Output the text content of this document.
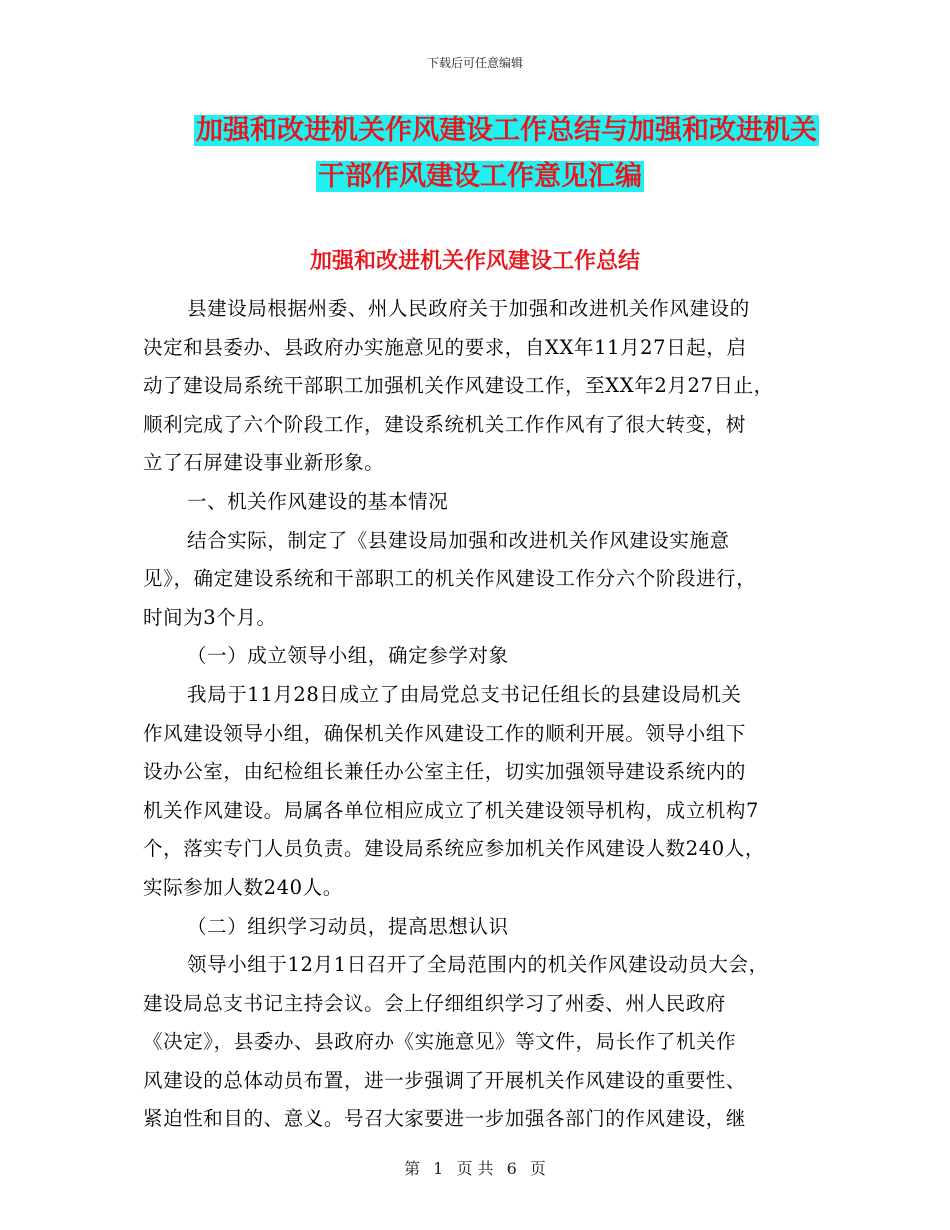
下载后可任意编辑
加强和改进机关作风建设工作总结与加强和改进机关
干部作风建设工作意见汇编
加强和改进机关作风建设工作总结
县建设局根据州委、州人民政府关于加强和改进机关作风建设的
决定和县委办、县政府办实施意见的要求，自XX年11月27日起，启
动了建设局系统干部职工加强机关作风建设工作，至XX年2月27日止，
顺利完成了六个阶段工作，建设系统机关工作作风有了很大转变，树
立了石屏建设事业新形象。
一、机关作风建设的基本情况
结合实际，制定了《县建设局加强和改进机关作风建设实施意
见》，确定建设系统和干部职工的机关作风建设工作分六个阶段进行，
时间为3个月。
（一）成立领导小组，确定参学对象
我局于11月28日成立了由局党总支书记任组长的县建设局机关
作风建设领导小组，确保机关作风建设工作的顺利开展。领导小组下
设办公室，由纪检组长兼任办公室主任，切实加强领导建设系统内的
机关作风建设。局属各单位相应成立了机关建设领导机构，成立机构7
个，落实专门人员负责。建设局系统应参加机关作风建设人数240人，
实际参加人数240人。
（二）组织学习动员，提高思想认识
领导小组于12月1日召开了全局范围内的机关作风建设动员大会，
建设局总支书记主持会议。会上仔细组织学习了州委、州人民政府
《决定》，县委办、县政府办《实施意见》等文件，局长作了机关作
风建设的总体动员布置，进一步强调了开展机关作风建设的重要性、
紧迫性和目的、意义。号召大家要进一步加强各部门的作风建设，继
第 1 页 共 6 页
